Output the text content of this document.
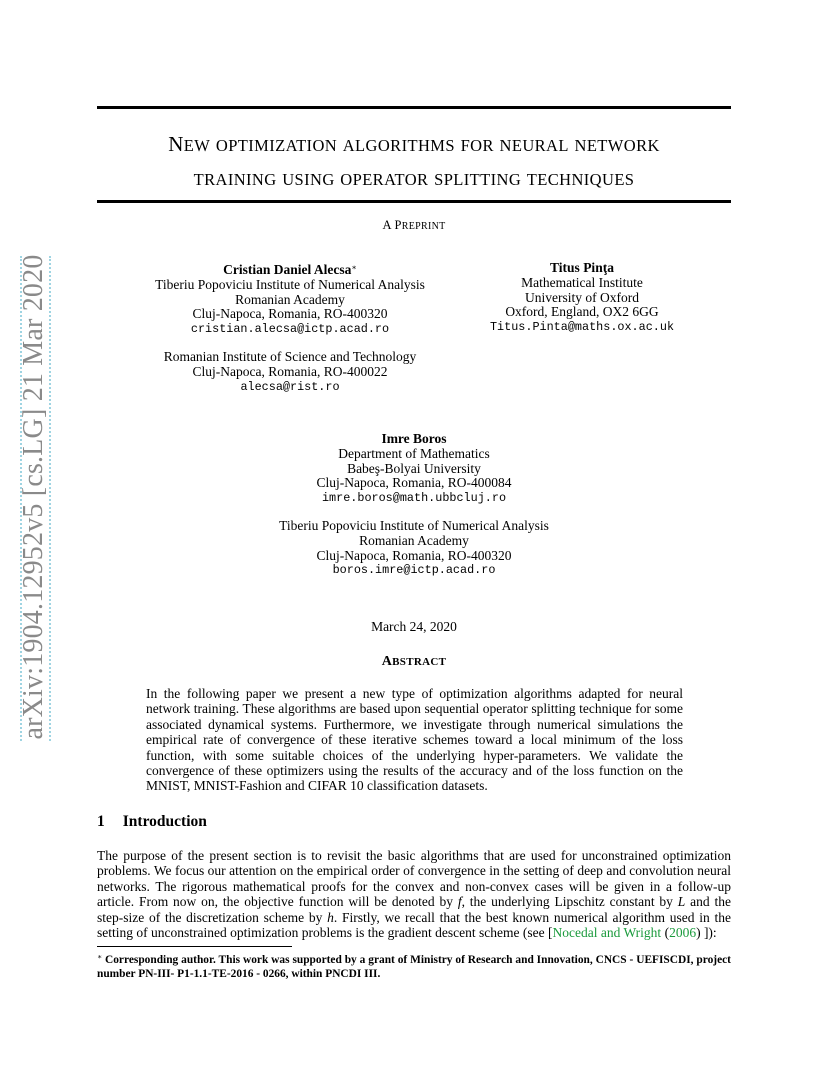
arXiv:1904.12952v5 [cs.LG] 21 Mar 2020
NEW OPTIMIZATION ALGORITHMS FOR NEURAL NETWORK
TRAINING USING OPERATOR SPLITTING TECHNIQUES
A PREPRINT
Cristian Daniel Alecsa∗
Tiberiu Popoviciu Institute of Numerical Analysis
Romanian Academy
Cluj-Napoca, Romania, RO-400320
cristian.alecsa@ictp.acad.ro
Romanian Institute of Science and Technology
Cluj-Napoca, Romania, RO-400022
alecsa@rist.ro
Titus Pinţa
Mathematical Institute
University of Oxford
Oxford, England, OX2 6GG
Titus.Pinta@maths.ox.ac.uk
Imre Boros
Department of Mathematics
Babeş-Bolyai University
Cluj-Napoca, Romania, RO-400084
imre.boros@math.ubbcluj.ro
Tiberiu Popoviciu Institute of Numerical Analysis
Romanian Academy
Cluj-Napoca, Romania, RO-400320
boros.imre@ictp.acad.ro
March 24, 2020
ABSTRACT
In the following paper we present a new type of optimization algorithms adapted for neural network training. These algorithms are based upon sequential operator splitting technique for some associated dynamical systems. Furthermore, we investigate through numerical simulations the empirical rate of convergence of these iterative schemes toward a local minimum of the loss function, with some suitable choices of the underlying hyper-parameters. We validate the convergence of these optimizers using the results of the accuracy and of the loss function on the MNIST, MNIST-Fashion and CIFAR 10 classification datasets.
1 Introduction
The purpose of the present section is to revisit the basic algorithms that are used for unconstrained optimization problems. We focus our attention on the empirical order of convergence in the setting of deep and convolution neural networks. The rigorous mathematical proofs for the convex and non-convex cases will be given in a follow-up article. From now on, the objective function will be denoted by f, the underlying Lipschitz constant by L and the step-size of the discretization scheme by h. Firstly, we recall that the best known numerical algorithm used in the setting of unconstrained optimization problems is the gradient descent scheme (see [Nocedal and Wright (2006) ]):
∗ Corresponding author. This work was supported by a grant of Ministry of Research and Innovation, CNCS - UEFISCDI, project number PN-III- P1-1.1-TE-2016 - 0266, within PNCDI III.
